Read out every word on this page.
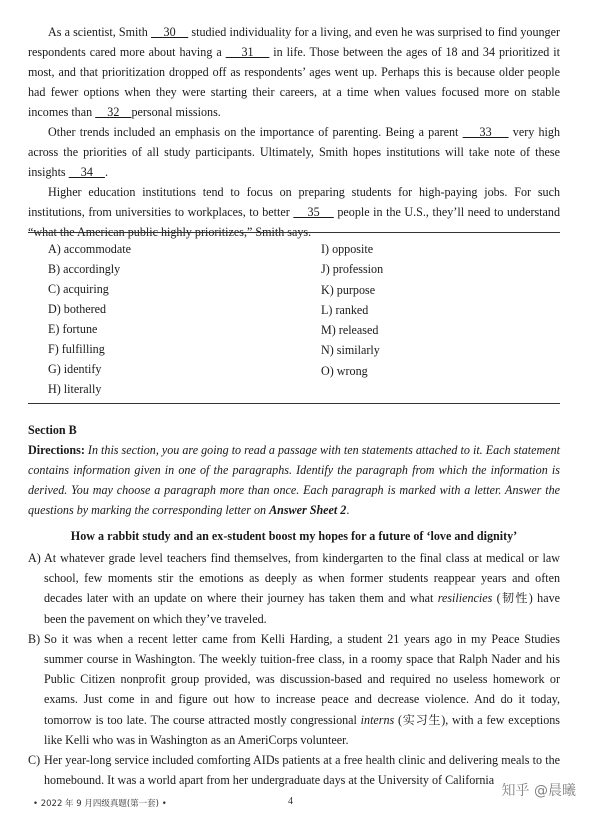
As a scientist, Smith     30     studied individuality for a living, and even he was surprised to find younger respondents cared more about having a     31     in life. Those between the ages of 18 and 34 prioritized it most, and that prioritization dropped off as respondents’ ages went up. Perhaps this is because older people had fewer options when they were starting their careers, at a time when values focused more on stable incomes than     32    personal missions.

Other trends included an emphasis on the importance of parenting. Being a parent     33     very high across the priorities of all study participants. Ultimately, Smith hopes institutions will take note of these insights     34    .

Higher education institutions tend to focus on preparing students for high-paying jobs. For such institutions, from universities to workplaces, to better     35     people in the U.S., they’ll need to understand “what the American public highly prioritizes,” Smith says.

A) accommodate
B) accordingly
C) acquiring
D) bothered
E) fortune
F) fulfilling
G) identify
H) literally
I) opposite
J) profession
K) purpose
L) ranked
M) released
N) similarly
O) wrong

Section B

Directions: In this section, you are going to read a passage with ten statements attached to it. Each statement contains information given in one of the paragraphs. Identify the paragraph from which the information is derived. You may choose a paragraph more than once. Each paragraph is marked with a letter. Answer the questions by marking the corresponding letter on Answer Sheet 2.

How a rabbit study and an ex-student boost my hopes for a future of ‘love and dignity’

A) At whatever grade level teachers find themselves, from kindergarten to the final class at medical or law school, few moments stir the emotions as deeply as when former students reappear years and often decades later with an update on where their journey has taken them and what resiliencies (韧性) have been the pavement on which they’ve traveled.
B) So it was when a recent letter came from Kelli Harding, a student 21 years ago in my Peace Studies summer course in Washington. The weekly tuition-free class, in a roomy space that Ralph Nader and his Public Citizen nonprofit group provided, was discussion-based and required no useless homework or exams. Just come in and figure out how to increase peace and decrease violence. And do it today, tomorrow is too late. The course attracted mostly congressional interns (实习生), with a few exceptions like Kelli who was in Washington as an AmeriCorps volunteer.
C) Her year-long service included comforting AIDs patients at a free health clinic and delivering meals to the homebound. It was a world apart from her undergraduate days at the University of California
• 2022 年 9 月四级真题(第一套) •	4
知乎 @晨曦
